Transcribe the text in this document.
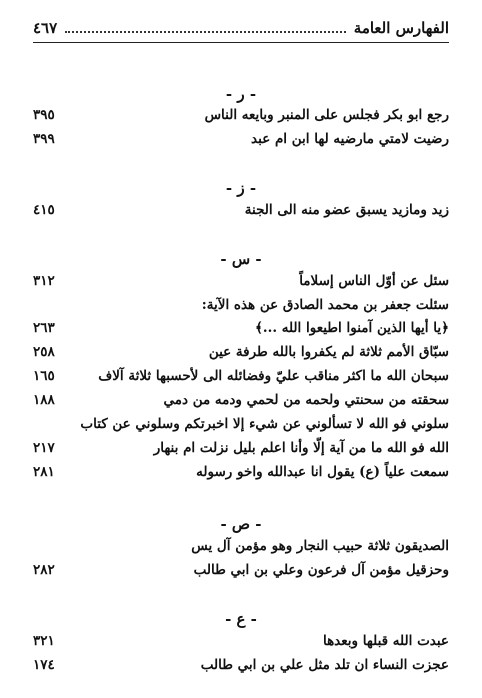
الفهارس العامة
٤٦٧
- ر -
رجع ابو بكر فجلس على المنبر وبايعه الناس
٣٩٥
رضيت لامتي مارضيه لها ابن ام عبد
٣٩٩
- ز -
زيد ومازيد يسبق عضو منه الى الجنة
٤١٥
- س -
سئل عن أوّل الناس إسلاماً
٣١٢
سئلت جعفر بن محمد الصادق عن هذه الآية:
﴿يا أيها الذين آمنوا اطيعوا الله ...﴾
٢٦٣
سبّاق الأمم ثلاثة لم يكفروا بالله طرفة عين
٢٥٨
سبحان الله ما اكثر مناقب عليّ وفضائله الى لأحسبها ثلاثة آلاف
١٦٥
سحقته من سحنتي ولحمه من لحمي ودمه من دمي
١٨٨
سلوني فو الله لا تسألوني عن شيء إلا اخبرتكم وسلوني عن كتاب
الله فو الله ما من آية إلّا وأنا اعلم بليل نزلت ام بنهار
٢١٧
سمعت علياً (ع) يقول انا عبدالله واخو رسوله
٢٨١
- ص -
الصديقون ثلاثة حبيب النجار وهو مؤمن آل يس
وحزقيل مؤمن آل فرعون وعلي بن ابي طالب
٢٨٢
- ع -
عبدت الله قبلها وبعدها
٣٢١
عجزت النساء ان تلد مثل علي بن ابي طالب
١٧٤
